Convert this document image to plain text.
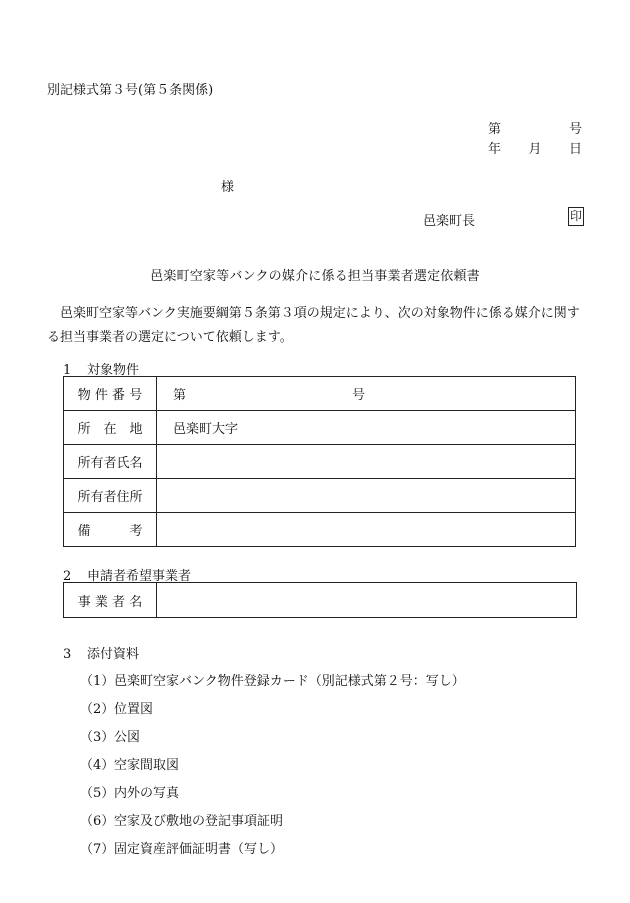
別記様式第３号(第５条関係)
第	号
年 月 日
様
邑楽町長	印
邑楽町空家等バンクの媒介に係る担当事業者選定依頼書
邑楽町空家等バンク実施要綱第５条第３項の規定により、次の対象物件に係る媒介に関する担当事業者の選定について依頼します。
1 対象物件
物 件 番 号	第 号

所　在　地	邑楽町大字
所有者氏名	
所有者住所	
備　　　考	
2 申請者希望事業者
事 業 者 名	
3 添付資料
（1）邑楽町空家バンク物件登録カード（別記様式第２号：写し）
（2）位置図
（3）公図
（4）空家間取図
（5）内外の写真
（6）空家及び敷地の登記事項証明
（7）固定資産評価証明書（写し）
